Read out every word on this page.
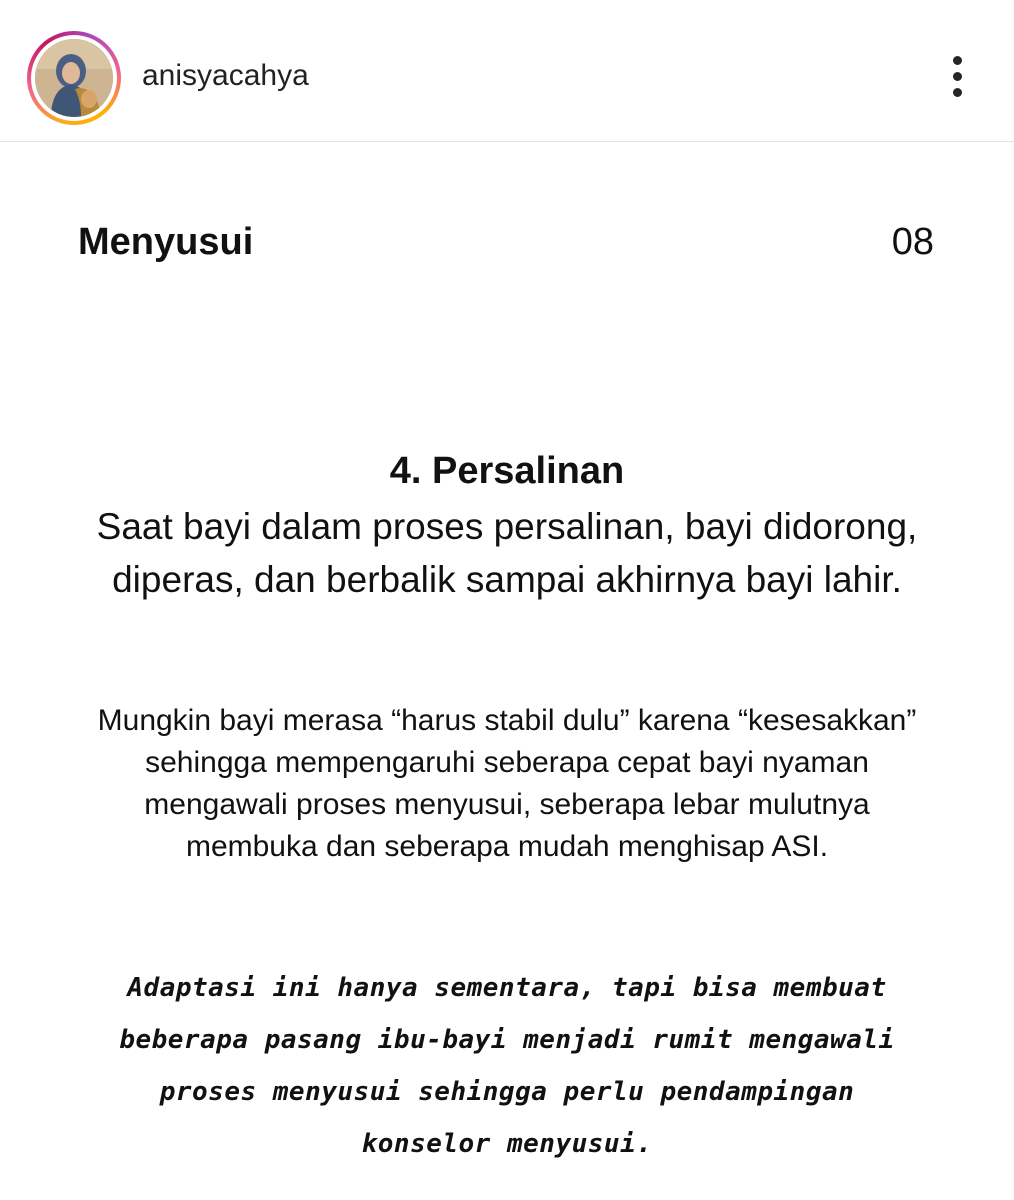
anisyacahya
Menyusui	08
4. Persalinan
Saat bayi dalam proses persalinan, bayi didorong, diperas, dan berbalik sampai akhirnya bayi lahir.
Mungkin bayi merasa “harus stabil dulu” karena “kesesakkan” sehingga mempengaruhi seberapa cepat bayi nyaman mengawali proses menyusui, seberapa lebar mulutnya membuka dan seberapa mudah menghisap ASI.
Adaptasi ini hanya sementara, tapi bisa membuat beberapa pasang ibu-bayi menjadi rumit mengawali proses menyusui sehingga perlu pendampingan konselor menyusui.
